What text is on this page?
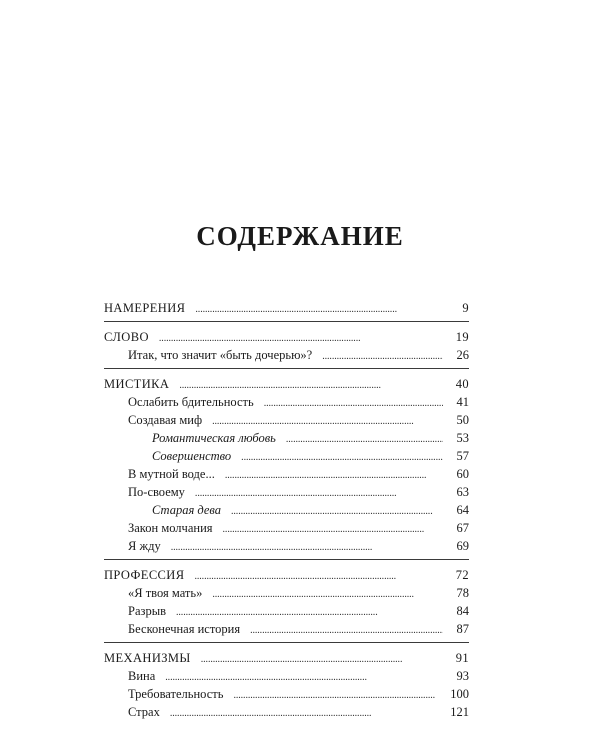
СОДЕРЖАНИЕ
НАМЕРЕНИЯ . . .	9
СЛОВО . . .	19
Итак, что значит «быть дочерью»? . . .	26
МИСТИКА . . .	40
Ослабить бдительность . . .	41
Создавая миф . . .	50
Романтическая любовь . . .	53
Совершенство . . .	57
В мутной воде... . . .	60
По-своему . . .	63
Старая дева . . .	64
Закон молчания . . .	67
Я жду . . .	69
ПРОФЕССИЯ . . .	72
«Я твоя мать» . . .	78
Разрыв . . .	84
Бесконечная история . . .	87
МЕХАНИЗМЫ . . .	91
Вина . . .	93
Требовательность . . .	100
Страх . . .	121
